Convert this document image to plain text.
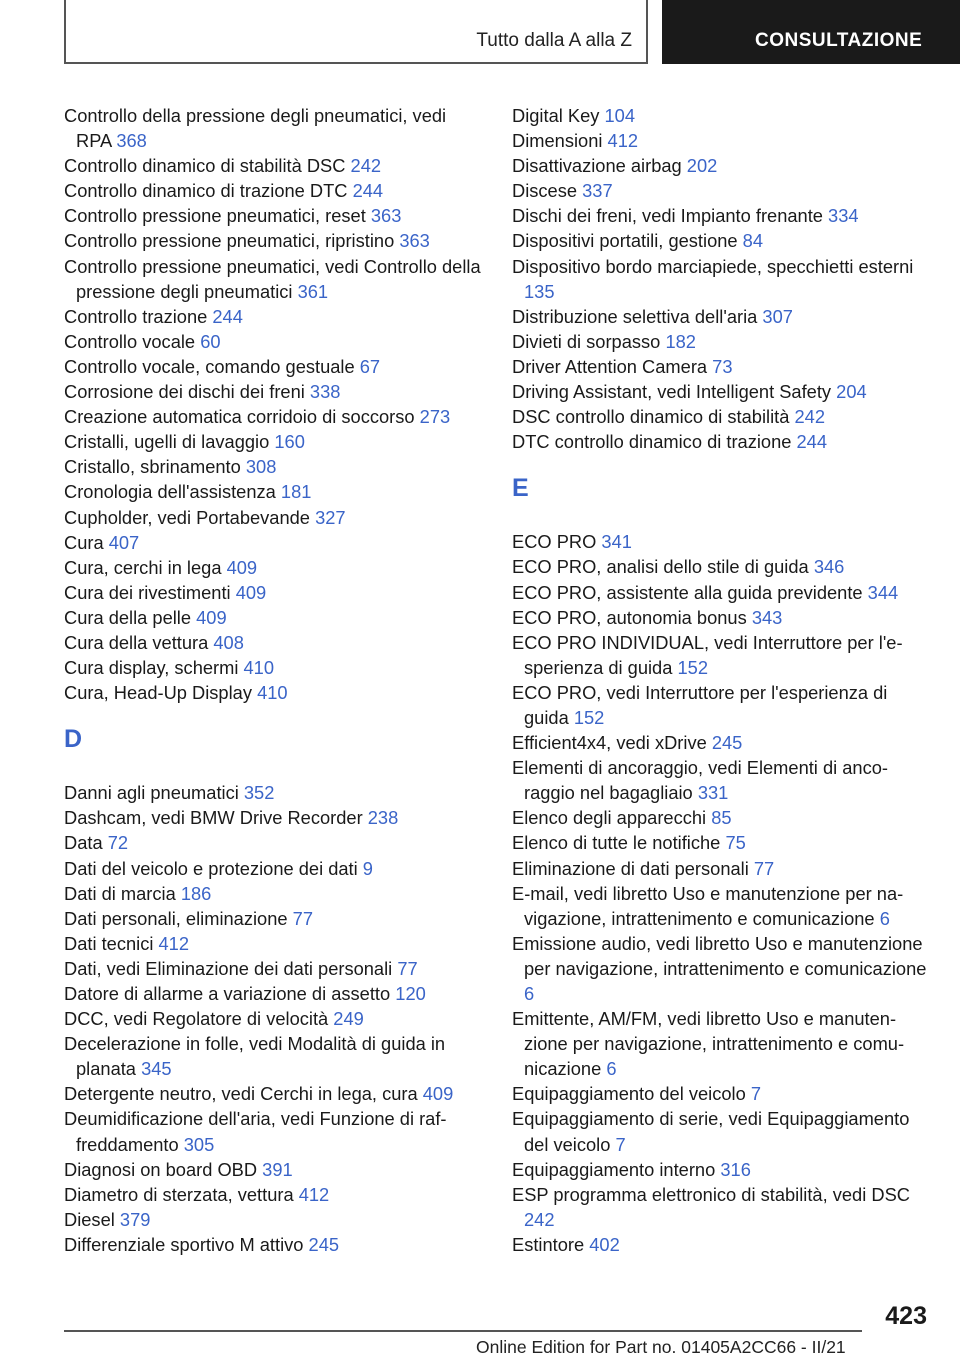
Tutto dalla A alla Z	CONSULTAZIONE
Controllo della pressione degli pneumatici, vedi RPA 368
Controllo dinamico di stabilità DSC 242
Controllo dinamico di trazione DTC 244
Controllo pressione pneumatici, reset 363
Controllo pressione pneumatici, ripristino 363
Controllo pressione pneumatici, vedi Controllo della pressione degli pneumatici 361
Controllo trazione 244
Controllo vocale 60
Controllo vocale, comando gestuale 67
Corrosione dei dischi dei freni 338
Creazione automatica corridoio di soccorso 273
Cristalli, ugelli di lavaggio 160
Cristallo, sbrinamento 308
Cronologia dell'assistenza 181
Cupholder, vedi Portabevande 327
Cura 407
Cura, cerchi in lega 409
Cura dei rivestimenti 409
Cura della pelle 409
Cura della vettura 408
Cura display, schermi 410
Cura, Head-Up Display 410
D
Danni agli pneumatici 352
Dashcam, vedi BMW Drive Recorder 238
Data 72
Dati del veicolo e protezione dei dati 9
Dati di marcia 186
Dati personali, eliminazione 77
Dati tecnici 412
Dati, vedi Eliminazione dei dati personali 77
Datore di allarme a variazione di assetto 120
DCC, vedi Regolatore di velocità 249
Decelerazione in folle, vedi Modalità di guida in planata 345
Detergente neutro, vedi Cerchi in lega, cura 409
Deumidificazione dell'aria, vedi Funzione di raffreddamento 305
Diagnosi on board OBD 391
Diametro di sterzata, vettura 412
Diesel 379
Differenziale sportivo M attivo 245
Digital Key 104
Dimensioni 412
Disattivazione airbag 202
Discese 337
Dischi dei freni, vedi Impianto frenante 334
Dispositivi portatili, gestione 84
Dispositivo bordo marciapiede, specchietti esterni 135
Distribuzione selettiva dell'aria 307
Divieti di sorpasso 182
Driver Attention Camera 73
Driving Assistant, vedi Intelligent Safety 204
DSC controllo dinamico di stabilità 242
DTC controllo dinamico di trazione 244
E
ECO PRO 341
ECO PRO, analisi dello stile di guida 346
ECO PRO, assistente alla guida previdente 344
ECO PRO, autonomia bonus 343
ECO PRO INDIVIDUAL, vedi Interruttore per l'esperienza di guida 152
ECO PRO, vedi Interruttore per l'esperienza di guida 152
Efficient4x4, vedi xDrive 245
Elementi di ancoraggio, vedi Elementi di ancoraggio nel bagagliaio 331
Elenco degli apparecchi 85
Elenco di tutte le notifiche 75
Eliminazione di dati personali 77
E-mail, vedi libretto Uso e manutenzione per navigazione, intrattenimento e comunicazione 6
Emissione audio, vedi libretto Uso e manutenzione per navigazione, intrattenimento e comunicazione 6
Emittente, AM/FM, vedi libretto Uso e manutenzione per navigazione, intrattenimento e comunicazione 6
Equipaggiamento del veicolo 7
Equipaggiamento di serie, vedi Equipaggiamento del veicolo 7
Equipaggiamento interno 316
ESP programma elettronico di stabilità, vedi DSC 242
Estintore 402
423
Online Edition for Part no. 01405A2CC66 - II/21
